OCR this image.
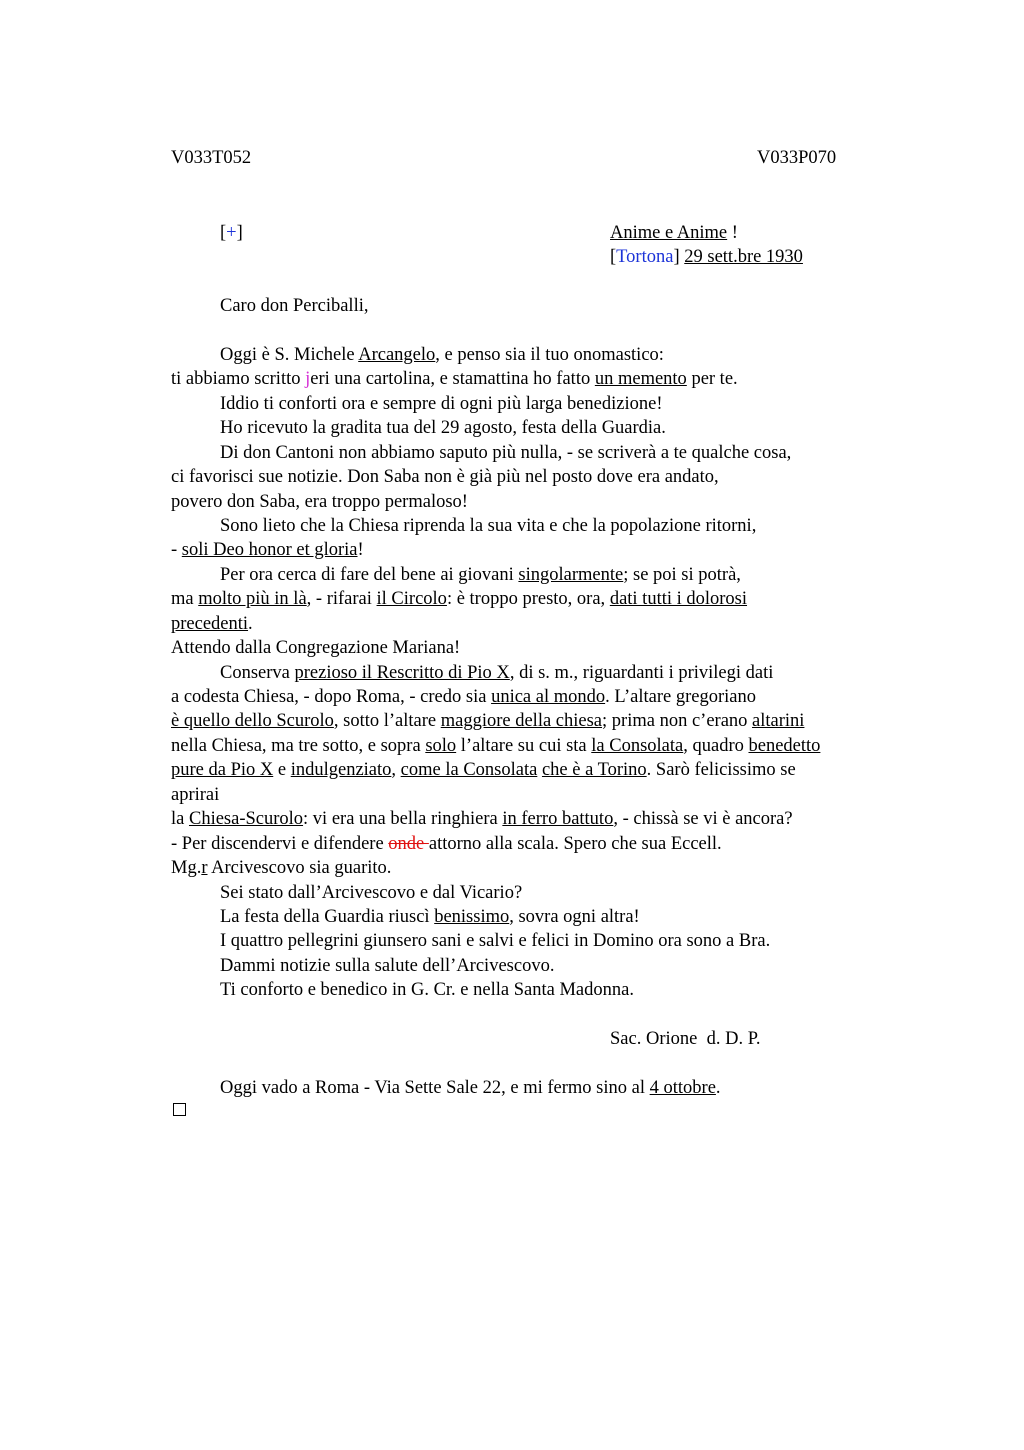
V033T052	V033P070
[+]	Anime e Anime !
[Tortona] 29 sett.bre 1930
Caro don Perciballi,
Oggi è S. Michele Arcangelo, e penso sia il tuo onomastico:
ti abbiamo scritto jeri una cartolina, e stamattina ho fatto un memento per te.
Iddio ti conforti ora e sempre di ogni più larga benedizione!
Ho ricevuto la gradita tua del 29 agosto, festa della Guardia.
Di don Cantoni non abbiamo saputo più nulla, - se scriverà a te qualche cosa,
ci favorisci sue notizie. Don Saba non è già più nel posto dove era andato,
povero don Saba, era troppo permaloso!
Sono lieto che la Chiesa riprenda la sua vita e che la popolazione ritorni,
- soli Deo honor et gloria!
Per ora cerca di fare del bene ai giovani singolarmente; se poi si potrà,
ma molto più in là, - rifarai il Circolo: è troppo presto, ora, dati tutti i dolorosi
precedenti.
Attendo dalla Congregazione Mariana!
Conserva prezioso il Rescritto di Pio X, di s. m., riguardanti i privilegi dati
a codesta Chiesa, - dopo Roma, - credo sia unica al mondo. L’altare gregoriano
è quello dello Scurolo, sotto l’altare maggiore della chiesa; prima non c’erano altarini
nella Chiesa, ma tre sotto, e sopra solo l’altare su cui sta la Consolata, quadro benedetto
pure da Pio X e indulgenziato, come la Consolata che è a Torino. Sarò felicissimo se
aprirai
la Chiesa-Scurolo: vi era una bella ringhiera in ferro battuto, - chissà se vi è ancora?
- Per discendervi e difendere onde attorno alla scala. Spero che sua Eccell.
Mg.r Arcivescovo sia guarito.
Sei stato dall’Arcivescovo e dal Vicario?
La festa della Guardia riuscì benissimo, sovra ogni altra!
I quattro pellegrini giunsero sani e salvi e felici in Domino ora sono a Bra.
Dammi notizie sulla salute dell’Arcivescovo.
Ti conforto e benedico in G. Cr. e nella Santa Madonna.
Sac. Orione  d. D. P.
Oggi vado a Roma - Via Sette Sale 22, e mi fermo sino al 4 ottobre.
